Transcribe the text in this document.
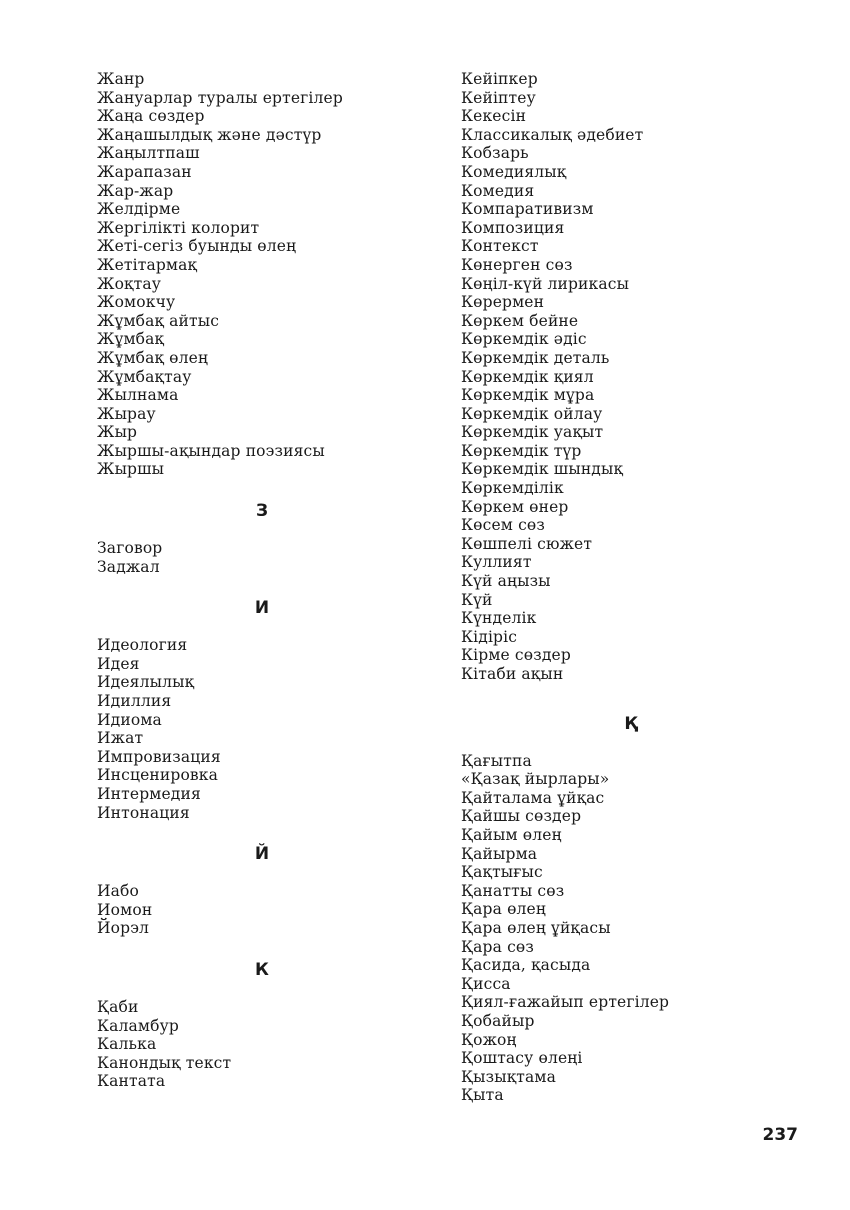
Жанр
Жануарлар туралы ертегілер
Жаңа сөздер
Жаңашылдық және дәстүр
Жаңылтпаш
Жарапазан
Жар-жар
Желдірме
Жергілікті колорит
Жеті-сегіз буынды өлең
Жетітармақ
Жоқтау
Жомокчу
Жұмбақ айтыс
Жұмбақ
Жұмбақ өлең
Жұмбақтау
Жылнама
Жырау
Жыр
Жыршы-ақындар поэзиясы
Жыршы
З
Заговор
Заджал
И
Идеология
Идея
Идеялылық
Идиллия
Идиома
Ижат
Импровизация
Инсценировка
Интермедия
Интонация
Й
Иабо
Иомон
Йорэл
К
Қаби
Каламбур
Калька
Канондық текст
Кантата
Кейіпкер
Кейіптеу
Кекесін
Классикалық әдебиет
Кобзарь
Комедиялық
Комедия
Компаративизм
Композиция
Контекст
Көнерген сөз
Көңіл-күй лирикасы
Көрермен
Көркем бейне
Көркемдік әдіс
Көркемдік деталь
Көркемдік қиял
Көркемдік мұра
Көркемдік ойлау
Көркемдік уақыт
Көркемдік түр
Көркемдік шындық
Көркемділік
Көркем өнер
Көсем сөз
Көшпелі сюжет
Куллият
Күй аңызы
Күй
Күнделік
Кідіріс
Кірме сөздер
Кітаби ақын
Қ
Қағытпа
«Қазақ йырлары»
Қайталама ұйқас
Қайшы сөздер
Қайым өлең
Қайырма
Қақтығыс
Қанатты сөз
Қара өлең
Қара өлең ұйқасы
Қара сөз
Қасида, қасыда
Қисса
Қиял-ғажайып ертегілер
Қобайыр
Қожоң
Қоштасу өлеңі
Қызықтама
Қыта
237
